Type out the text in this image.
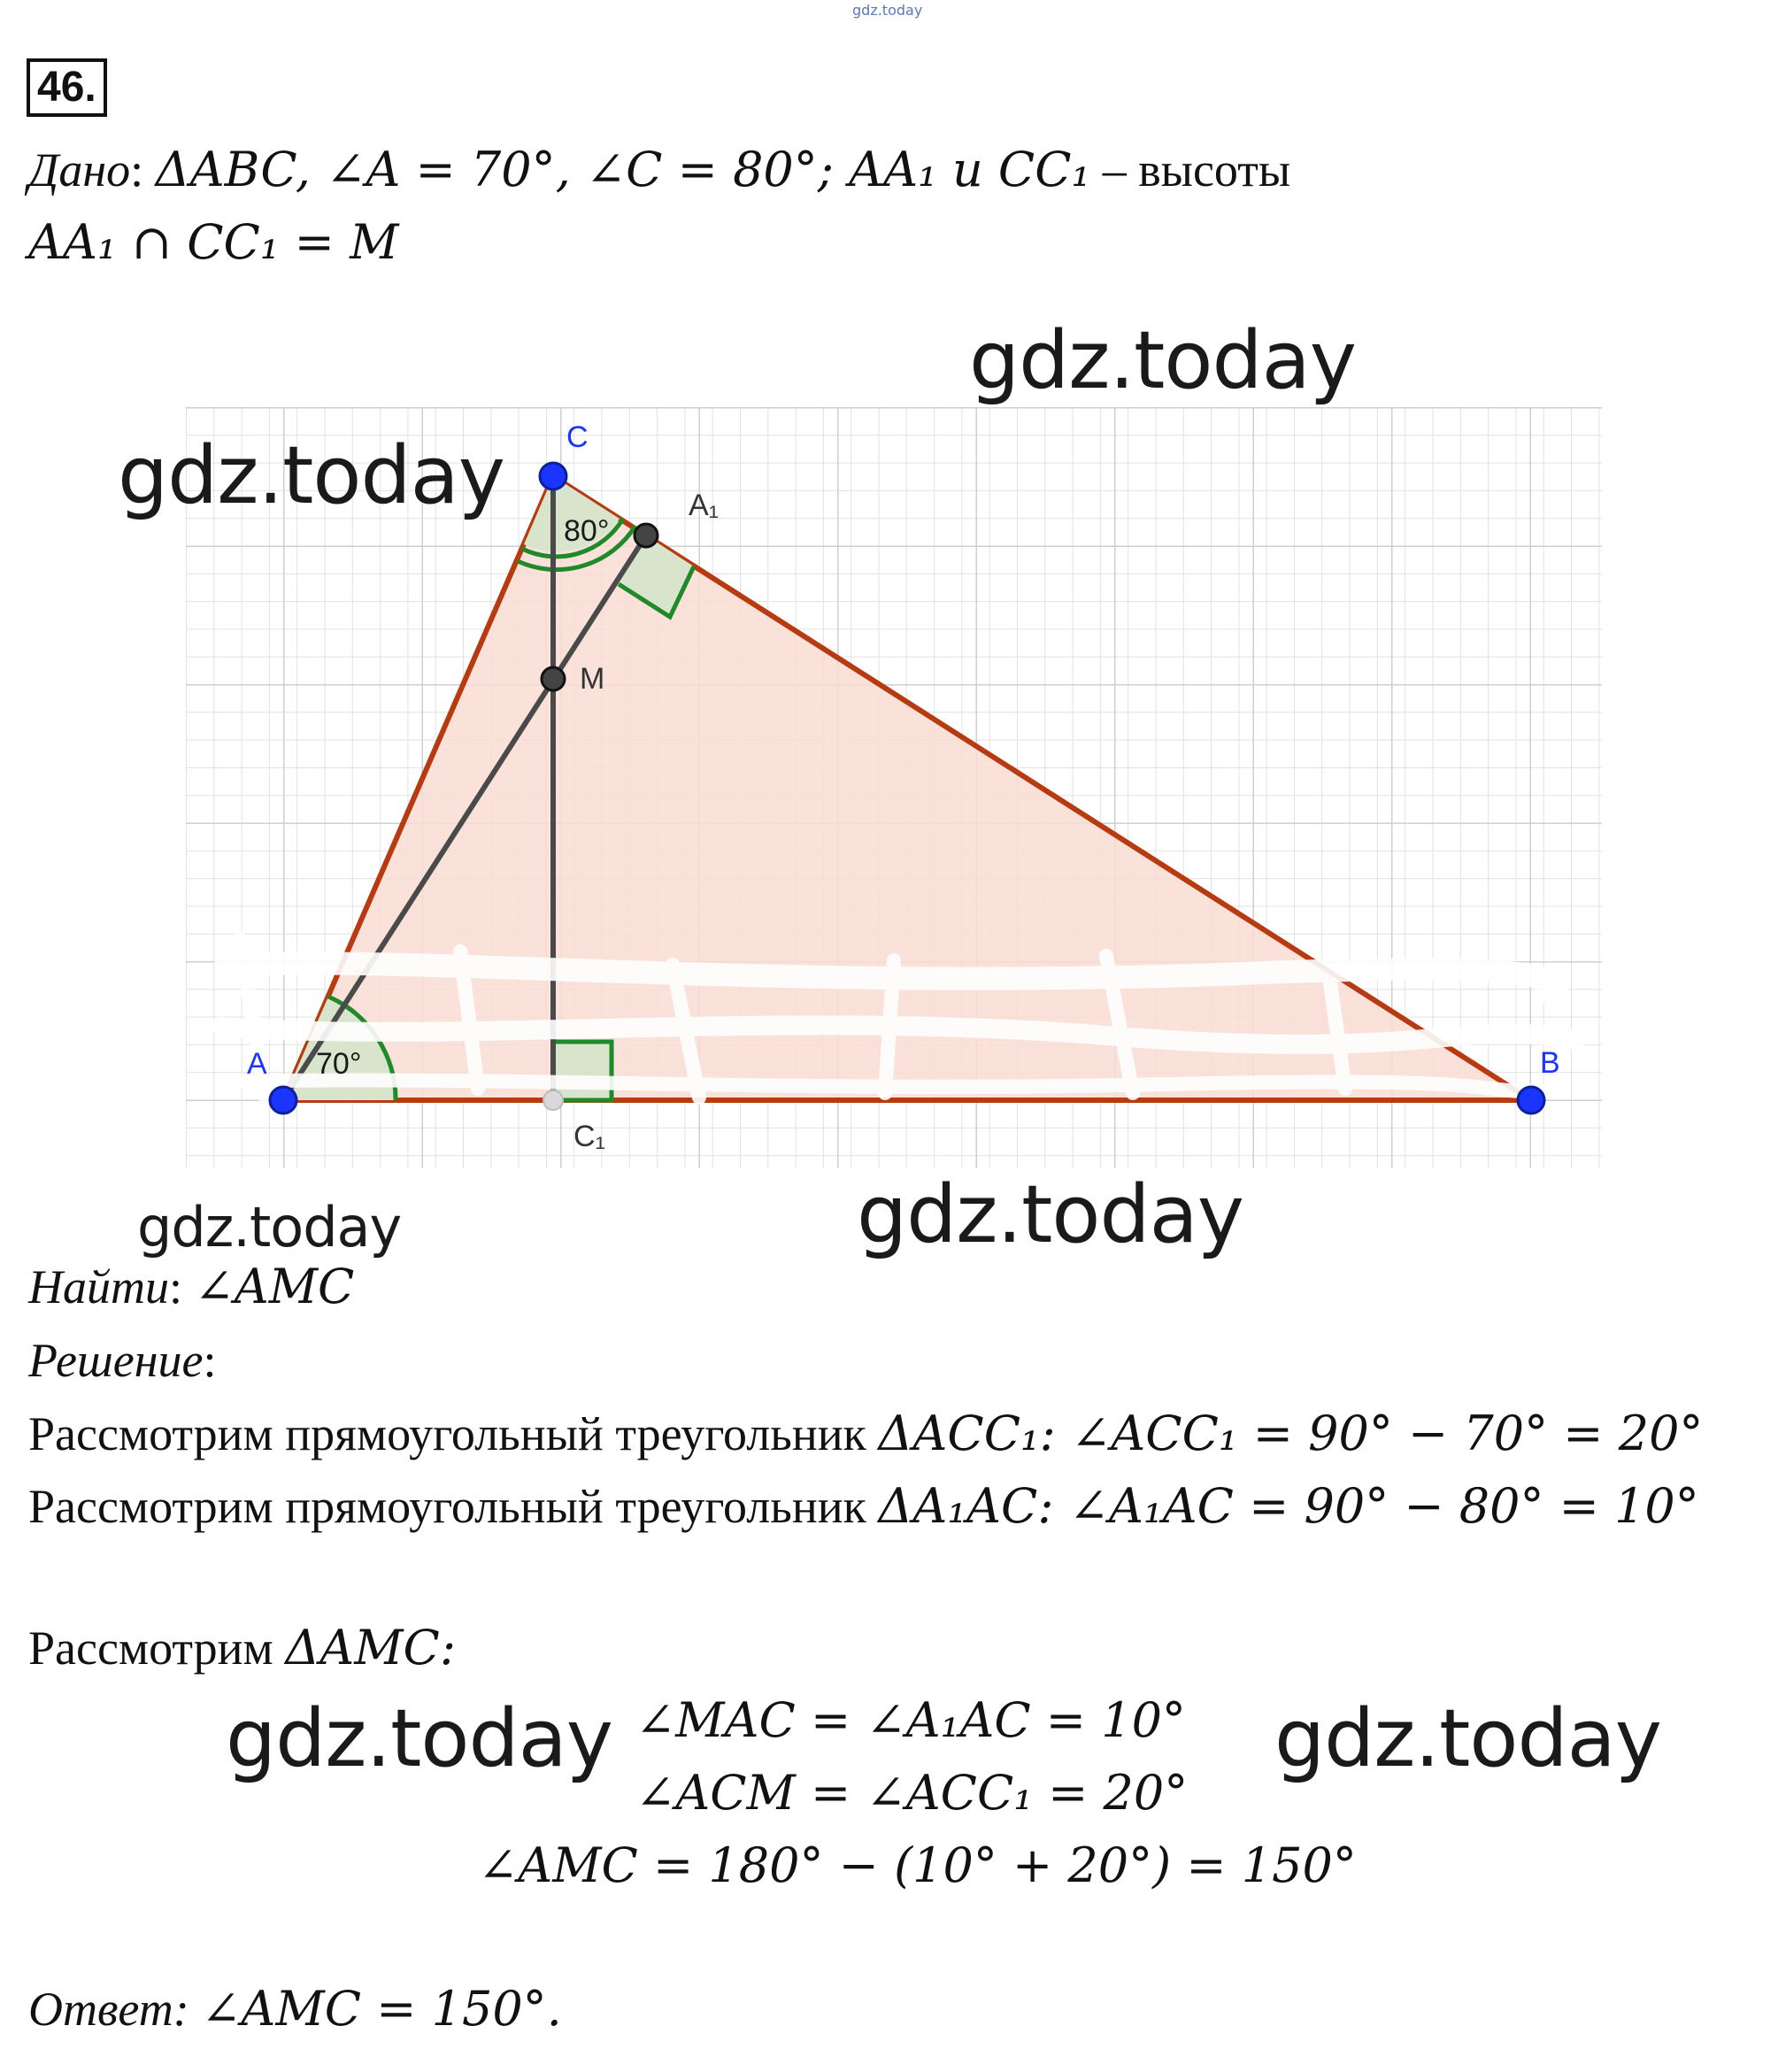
gdz.today
46.
Дано: ΔABC, ∠A = 70°, ∠C = 80°; AA₁ и CC₁ – высоты
AA₁ ∩ CC₁ = M
70°
80°
A	B
C
A₁
M
C₁
gdz.today
gdz.today
gdz.today	gdz.today
gdz.today	gdz.today
Найти: ∠AMC
Решение:
Рассмотрим прямоугольный треугольник ΔACC₁: ∠ACC₁ = 90° − 70° = 20°
Рассмотрим прямоугольный треугольник ΔA₁AC: ∠A₁AC = 90° − 80° = 10°
Рассмотрим ΔAMC:
∠MAC = ∠A₁AC = 10°
∠ACM = ∠ACC₁ = 20°
∠AMC = 180° − (10° + 20°) = 150°
Ответ: ∠AMC = 150°.
